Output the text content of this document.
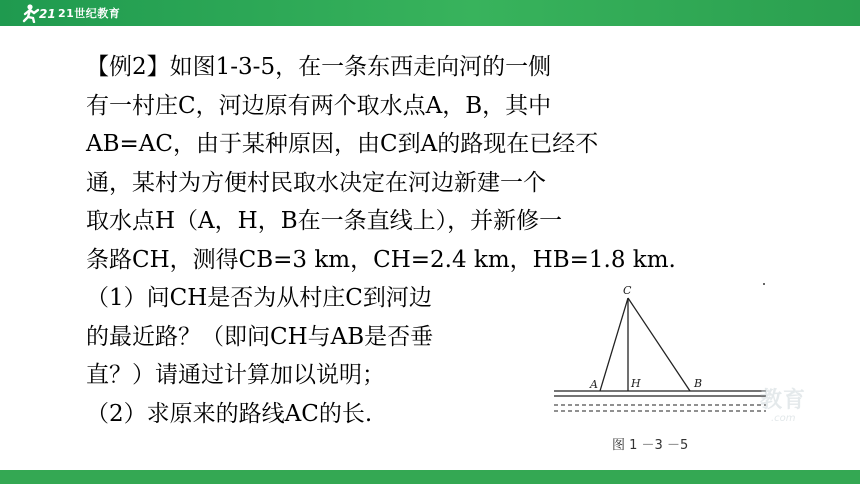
21 21世纪教育
【例2】如图1-3-5，在一条东西走向河的一侧
有一村庄C，河边原有两个取水点A，B，其中
AB=AC，由于某种原因，由C到A的路现在已经不
通，某村为方便村民取水决定在河边新建一个
取水点H（A，H，B在一条直线上），并新修一
条路CH，测得CB=3 km，CH=2.4 km，HB=1.8 km.
（1）问CH是否为从村庄C到河边
的最近路？（即问CH与AB是否垂
直？）请通过计算加以说明；
（2）求原来的路线AC的长.
C
A	H	B
教育
.com
图 1 －3 －5
